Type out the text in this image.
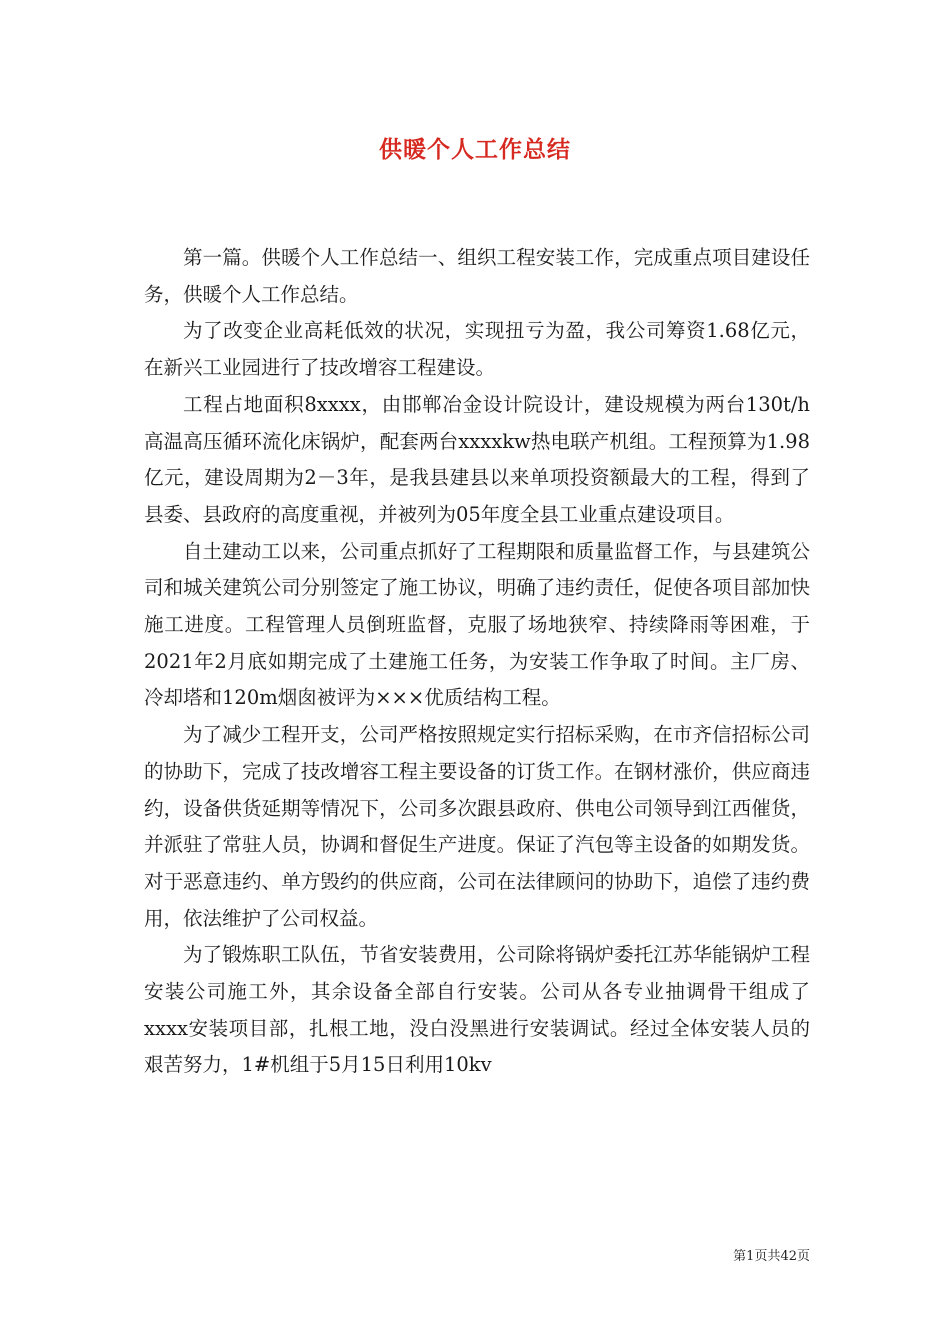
供暖个人工作总结

第一篇。供暖个人工作总结一、组织工程安装工作，完成重点项目建设任务，供暖个人工作总结。

为了改变企业高耗低效的状况，实现扭亏为盈，我公司筹资1.68亿元，在新兴工业园进行了技改增容工程建设。

工程占地面积8xxxx，由邯郸冶金设计院设计，建设规模为两台130t/h高温高压循环流化床锅炉，配套两台xxxxkw热电联产机组。工程预算为1.98亿元，建设周期为2－3年，是我县建县以来单项投资额最大的工程，得到了县委、县政府的高度重视，并被列为05年度全县工业重点建设项目。

自土建动工以来，公司重点抓好了工程期限和质量监督工作，与县建筑公司和城关建筑公司分别签定了施工协议，明确了违约责任，促使各项目部加快施工进度。工程管理人员倒班监督，克服了场地狭窄、持续降雨等困难，于2021年2月底如期完成了土建施工任务，为安装工作争取了时间。主厂房、冷却塔和120m烟囱被评为×××优质结构工程。

为了减少工程开支，公司严格按照规定实行招标采购，在市齐信招标公司的协助下，完成了技改增容工程主要设备的订货工作。在钢材涨价，供应商违约，设备供货延期等情况下，公司多次跟县政府、供电公司领导到江西催货，并派驻了常驻人员，协调和督促生产进度。保证了汽包等主设备的如期发货。对于恶意违约、单方毁约的供应商，公司在法律顾问的协助下，追偿了违约费用，依法维护了公司权益。

为了锻炼职工队伍，节省安装费用，公司除将锅炉委托江苏华能锅炉工程安装公司施工外，其余设备全部自行安装。公司从各专业抽调骨干组成了xxxx安装项目部，扎根工地，没白没黑进行安装调试。经过全体安装人员的艰苦努力，1#机组于5月15日利用10kv

第1页共42页
